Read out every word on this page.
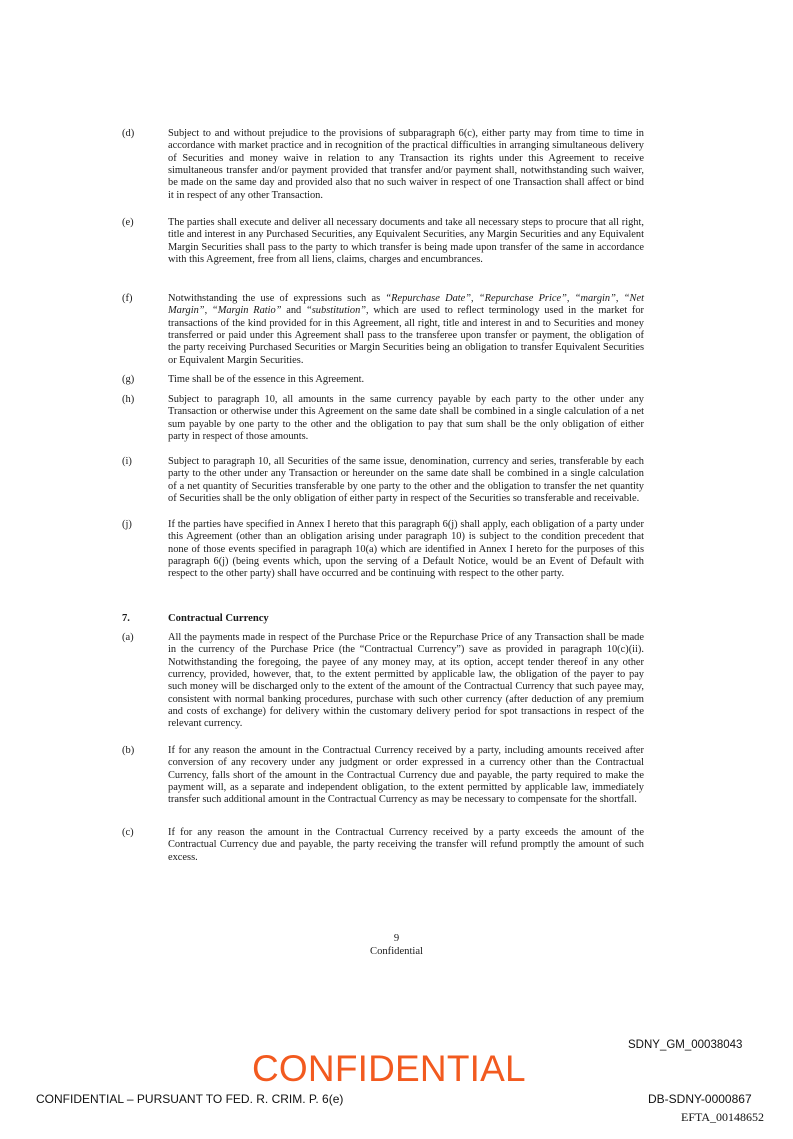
(d)	Subject to and without prejudice to the provisions of subparagraph 6(c), either party may from time to time in accordance with market practice and in recognition of the practical difficulties in arranging simultaneous delivery of Securities and money waive in relation to any Transaction its rights under this Agreement to receive simultaneous transfer and/or payment provided that transfer and/or payment shall, notwithstanding such waiver, be made on the same day and provided also that no such waiver in respect of one Transaction shall affect or bind it in respect of any other Transaction.
(e)	The parties shall execute and deliver all necessary documents and take all necessary steps to procure that all right, title and interest in any Purchased Securities, any Equivalent Securities, any Margin Securities and any Equivalent Margin Securities shall pass to the party to which transfer is being made upon transfer of the same in accordance with this Agreement, free from all liens, claims, charges and encumbrances.
(f)	Notwithstanding the use of expressions such as “Repurchase Date”, “Repurchase Price”, “margin”, “Net Margin”, “Margin Ratio” and “substitution”, which are used to reflect terminology used in the market for transactions of the kind provided for in this Agreement, all right, title and interest in and to Securities and money transferred or paid under this Agreement shall pass to the transferee upon transfer or payment, the obligation of the party receiving Purchased Securities or Margin Securities being an obligation to transfer Equivalent Securities or Equivalent Margin Securities.
(g)	Time shall be of the essence in this Agreement.
(h)	Subject to paragraph 10, all amounts in the same currency payable by each party to the other under any Transaction or otherwise under this Agreement on the same date shall be combined in a single calculation of a net sum payable by one party to the other and the obligation to pay that sum shall be the only obligation of either party in respect of those amounts.
(i)	Subject to paragraph 10, all Securities of the same issue, denomination, currency and series, transferable by each party to the other under any Transaction or hereunder on the same date shall be combined in a single calculation of a net quantity of Securities transferable by one party to the other and the obligation to transfer the net quantity of Securities shall be the only obligation of either party in respect of the Securities so transferable and receivable.
(j)	If the parties have specified in Annex I hereto that this paragraph 6(j) shall apply, each obligation of a party under this Agreement (other than an obligation arising under paragraph 10) is subject to the condition precedent that none of those events specified in paragraph 10(a) which are identified in Annex I hereto for the purposes of this paragraph 6(j) (being events which, upon the serving of a Default Notice, would be an Event of Default with respect to the other party) shall have occurred and be continuing with respect to the other party.
7.	Contractual Currency
(a)	All the payments made in respect of the Purchase Price or the Repurchase Price of any Transaction shall be made in the currency of the Purchase Price (the “Contractual Currency”) save as provided in paragraph 10(c)(ii). Notwithstanding the foregoing, the payee of any money may, at its option, accept tender thereof in any other currency, provided, however, that, to the extent permitted by applicable law, the obligation of the payer to pay such money will be discharged only to the extent of the amount of the Contractual Currency that such payee may, consistent with normal banking procedures, purchase with such other currency (after deduction of any premium and costs of exchange) for delivery within the customary delivery period for spot transactions in respect of the relevant currency.
(b)	If for any reason the amount in the Contractual Currency received by a party, including amounts received after conversion of any recovery under any judgment or order expressed in a currency other than the Contractual Currency, falls short of the amount in the Contractual Currency due and payable, the party required to make the payment will, as a separate and independent obligation, to the extent permitted by applicable law, immediately transfer such additional amount in the Contractual Currency as may be necessary to compensate for the shortfall.
(c)	If for any reason the amount in the Contractual Currency received by a party exceeds the amount of the Contractual Currency due and payable, the party receiving the transfer will refund promptly the amount of such excess.
9
Confidential
SDNY_GM_00038043
CONFIDENTIAL
CONFIDENTIAL – PURSUANT TO FED. R. CRIM. P. 6(e)	DB-SDNY-0000867
EFTA_00148652
